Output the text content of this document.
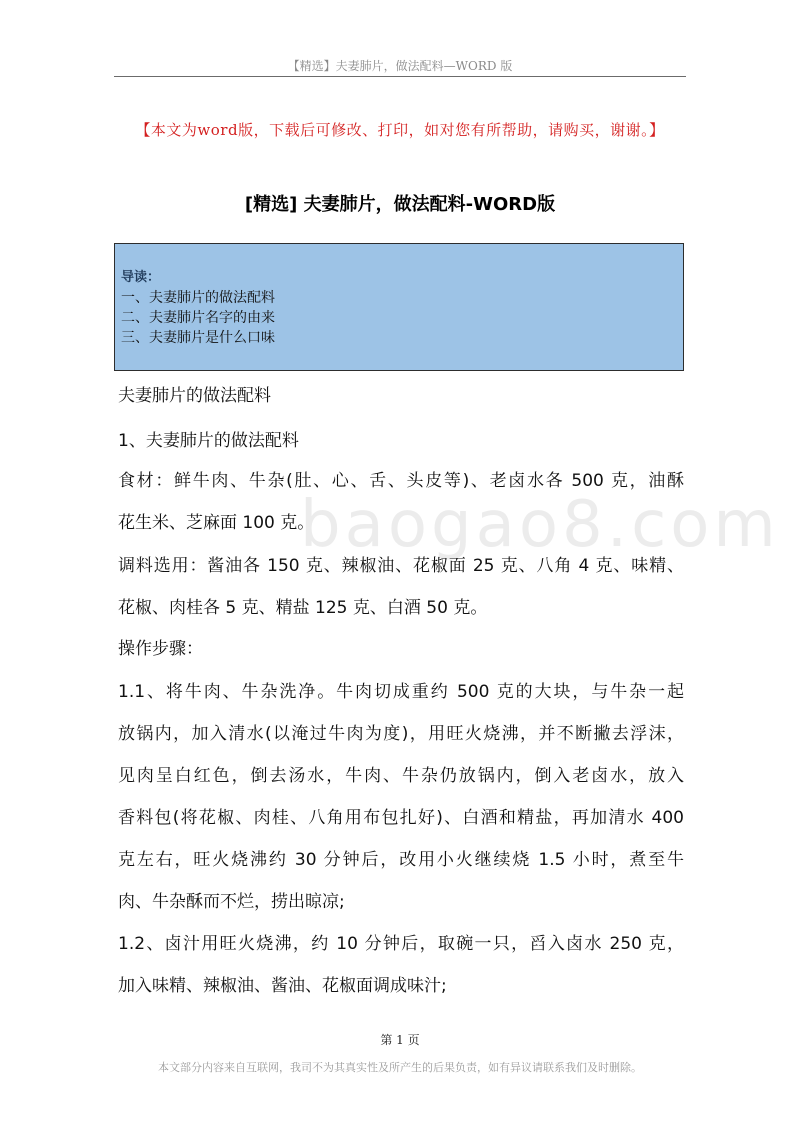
【精选】夫妻肺片，做法配料—WORD 版
【本文为word版，下载后可修改、打印，如对您有所帮助，请购买，谢谢。】
[精选] 夫妻肺片，做法配料-WORD版
导读：
一、夫妻肺片的做法配料
二、夫妻肺片名字的由来
三、夫妻肺片是什么口味
baogao8.com
夫妻肺片的做法配料
1、夫妻肺片的做法配料
食材：鲜牛肉、牛杂(肚、心、舌、头皮等)、老卤水各 500 克，油酥
花生米、芝麻面 100 克。
调料选用：酱油各 150 克、辣椒油、花椒面 25 克、八角 4 克、味精、
花椒、肉桂各 5 克、精盐 125 克、白酒 50 克。
操作步骤：
1.1、将牛肉、牛杂洗净。牛肉切成重约 500 克的大块，与牛杂一起
放锅内，加入清水(以淹过牛肉为度)，用旺火烧沸，并不断撇去浮沫，
见肉呈白红色，倒去汤水，牛肉、牛杂仍放锅内，倒入老卤水，放入
香料包(将花椒、肉桂、八角用布包扎好)、白酒和精盐，再加清水 400
克左右，旺火烧沸约 30 分钟后，改用小火继续烧 1.5 小时，煮至牛
肉、牛杂酥而不烂，捞出晾凉;
1.2、卤汁用旺火烧沸，约 10 分钟后，取碗一只，舀入卤水 250 克，
加入味精、辣椒油、酱油、花椒面调成味汁;
第 1 页
本文部分内容来自互联网，我司不为其真实性及所产生的后果负责，如有异议请联系我们及时删除。
